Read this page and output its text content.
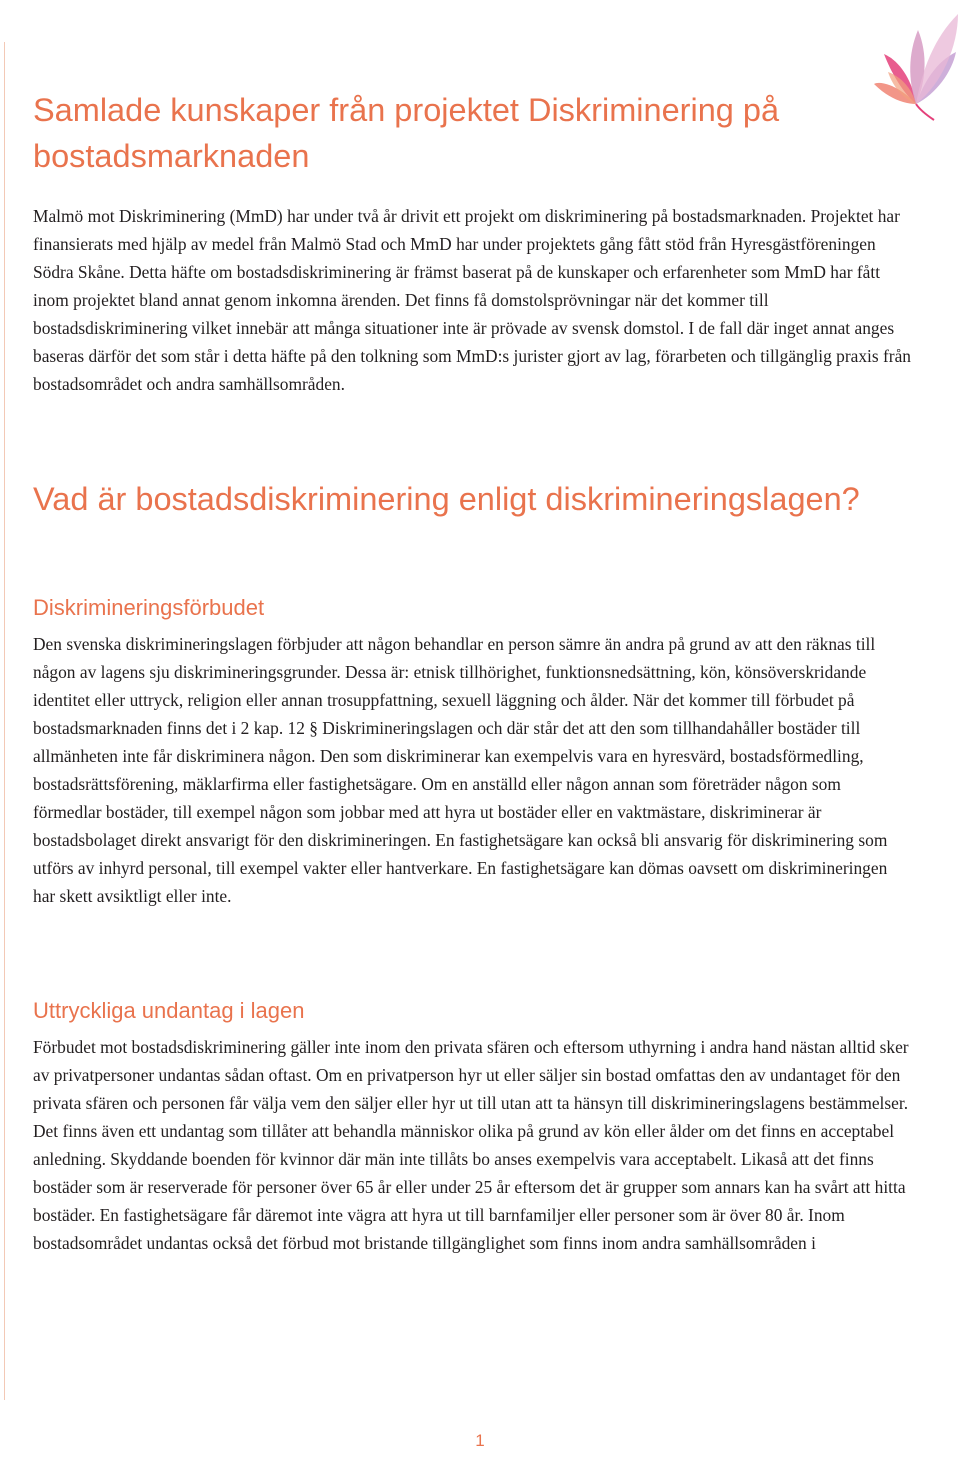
Samlade kunskaper från projektet Diskriminering på bostadsmarknaden

Malmö mot Diskriminering (MmD) har under två år drivit ett projekt om diskriminering på bostadsmarknaden. Projektet har finansierats med hjälp av medel från Malmö Stad och MmD har under projektets gång fått stöd från Hyresgästföreningen Södra Skåne. Detta häfte om bostadsdiskriminering är främst baserat på de kunskaper och erfarenheter som MmD har fått inom projektet bland annat genom inkomna ärenden. Det finns få domstolsprövningar när det kommer till bostadsdiskriminering vilket innebär att många situationer inte är prövade av svensk domstol. I de fall där inget annat anges baseras därför det som står i detta häfte på den tolkning som MmD:s jurister gjort av lag, förarbeten och tillgänglig praxis från bostadsområdet och andra samhällsområden.

Vad är bostadsdiskriminering enligt diskrimineringslagen?
Diskrimineringsförbudet

Den svenska diskrimineringslagen förbjuder att någon behandlar en person sämre än andra på grund av att den räknas till någon av lagens sju diskrimineringsgrunder. Dessa är: etnisk tillhörighet, funktionsnedsättning, kön, könsöverskridande identitet eller uttryck, religion eller annan trosuppfattning, sexuell läggning och ålder. När det kommer till förbudet på bostadsmarknaden finns det i 2 kap. 12 § Diskrimineringslagen och där står det att den som tillhandahåller bostäder till allmänheten inte får diskriminera någon. Den som diskriminerar kan exempelvis vara en hyresvärd, bostadsförmedling, bostadsrättsförening, mäklarfirma eller fastighetsägare. Om en anställd eller någon annan som företräder någon som förmedlar bostäder, till exempel någon som jobbar med att hyra ut bostäder eller en vaktmästare, diskriminerar är bostadsbolaget direkt ansvarigt för den diskrimineringen. En fastighetsägare kan också bli ansvarig för diskriminering som utförs av inhyrd personal, till exempel vakter eller hantverkare. En fastighetsägare kan dömas oavsett om diskrimineringen har skett avsiktligt eller inte.

Uttryckliga undantag i lagen

Förbudet mot bostadsdiskriminering gäller inte inom den privata sfären och eftersom uthyrning i andra hand nästan alltid sker av privatpersoner undantas sådan oftast. Om en privatperson hyr ut eller säljer sin bostad omfattas den av undantaget för den privata sfären och personen får välja vem den säljer eller hyr ut till utan att ta hänsyn till diskrimineringslagens bestämmelser. Det finns även ett undantag som tillåter att behandla människor olika på grund av kön eller ålder om det finns en acceptabel anledning. Skyddande boenden för kvinnor där män inte tillåts bo anses exempelvis vara acceptabelt. Likaså att det finns bostäder som är reserverade för personer över 65 år eller under 25 år eftersom det är grupper som annars kan ha svårt att hitta bostäder. En fastighetsägare får däremot inte vägra att hyra ut till barnfamiljer eller personer som är över 80 år. Inom bostadsområdet undantas också det förbud mot bristande tillgänglighet som finns inom andra samhällsområden i

1
